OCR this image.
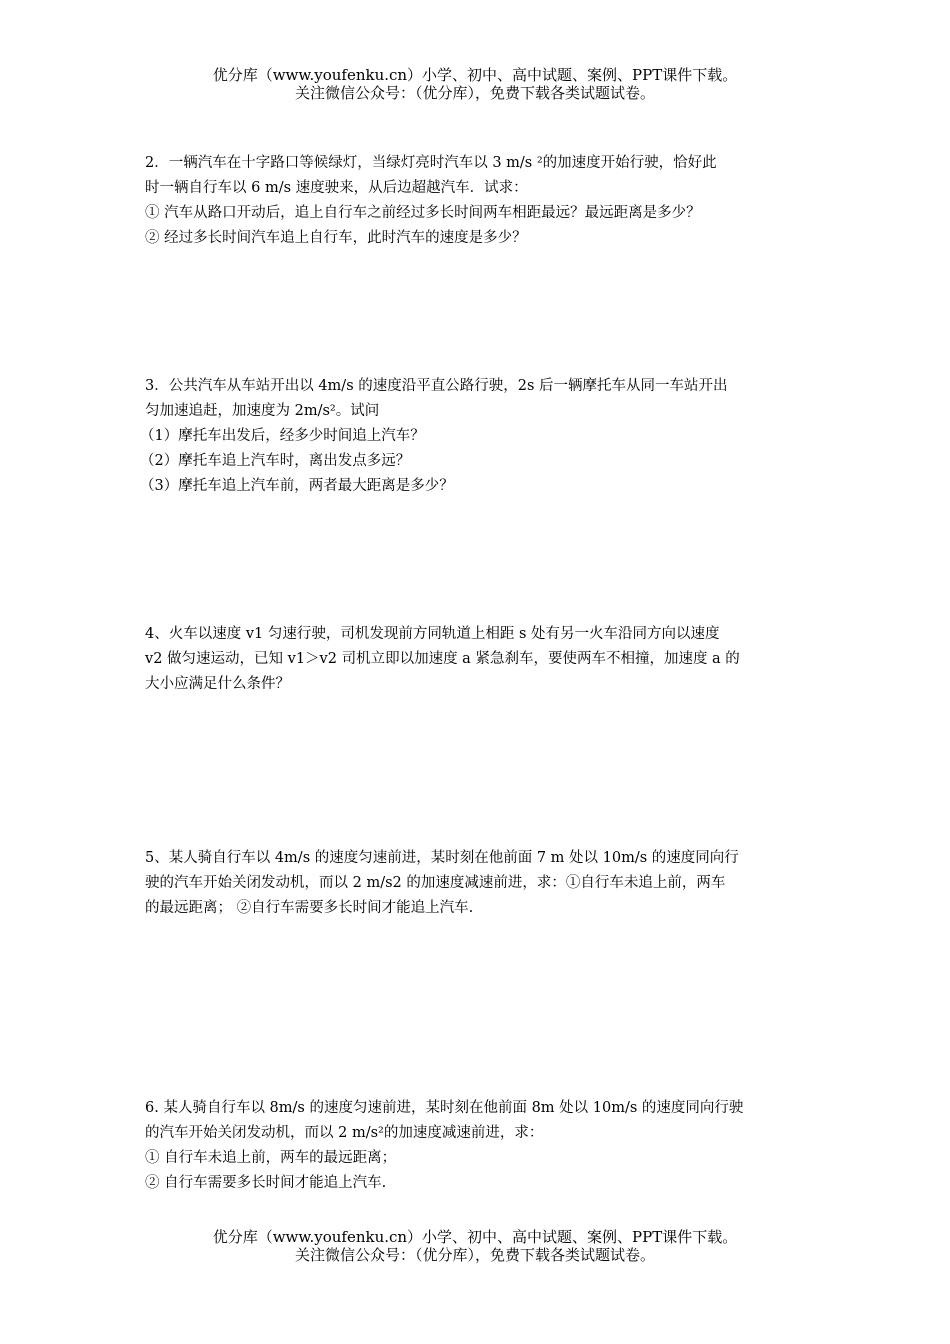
优分库（www.youfenku.cn）小学、初中、高中试题、案例、PPT课件下载。
关注微信公众号：（优分库），免费下载各类试题试卷。

2．一辆汽车在十字路口等候绿灯，当绿灯亮时汽车以 3 m/s ²的加速度开始行驶，恰好此

时一辆自行车以 6 m/s 速度驶来，从后边超越汽车．试求：

① 汽车从路口开动后，追上自行车之前经过多长时间两车相距最远？最远距离是多少？

② 经过多长时间汽车追上自行车，此时汽车的速度是多少？

3．公共汽车从车站开出以 4m/s 的速度沿平直公路行驶，2s 后一辆摩托车从同一车站开出

匀加速追赶，加速度为 2m/s²。试问

（1）摩托车出发后，经多少时间追上汽车？

（2）摩托车追上汽车时，离出发点多远？

（3）摩托车追上汽车前，两者最大距离是多少？

4、火车以速度 v1 匀速行驶，司机发现前方同轨道上相距 s 处有另一火车沿同方向以速度

v2 做匀速运动，已知 v1＞v2 司机立即以加速度 a 紧急刹车，要使两车不相撞，加速度 a 的

大小应满足什么条件？

5、某人骑自行车以 4m/s 的速度匀速前进，某时刻在他前面 7 m 处以 10m/s 的速度同向行

驶的汽车开始关闭发动机，而以 2 m/s2 的加速度减速前进，求：①自行车未追上前，两车

的最远距离； ②自行车需要多长时间才能追上汽车.

6. 某人骑自行车以 8m/s 的速度匀速前进，某时刻在他前面 8m 处以 10m/s 的速度同向行驶

的汽车开始关闭发动机，而以 2 m/s²的加速度减速前进，求：

① 自行车未追上前，两车的最远距离；

② 自行车需要多长时间才能追上汽车.

优分库（www.youfenku.cn）小学、初中、高中试题、案例、PPT课件下载。
关注微信公众号：（优分库），免费下载各类试题试卷。
